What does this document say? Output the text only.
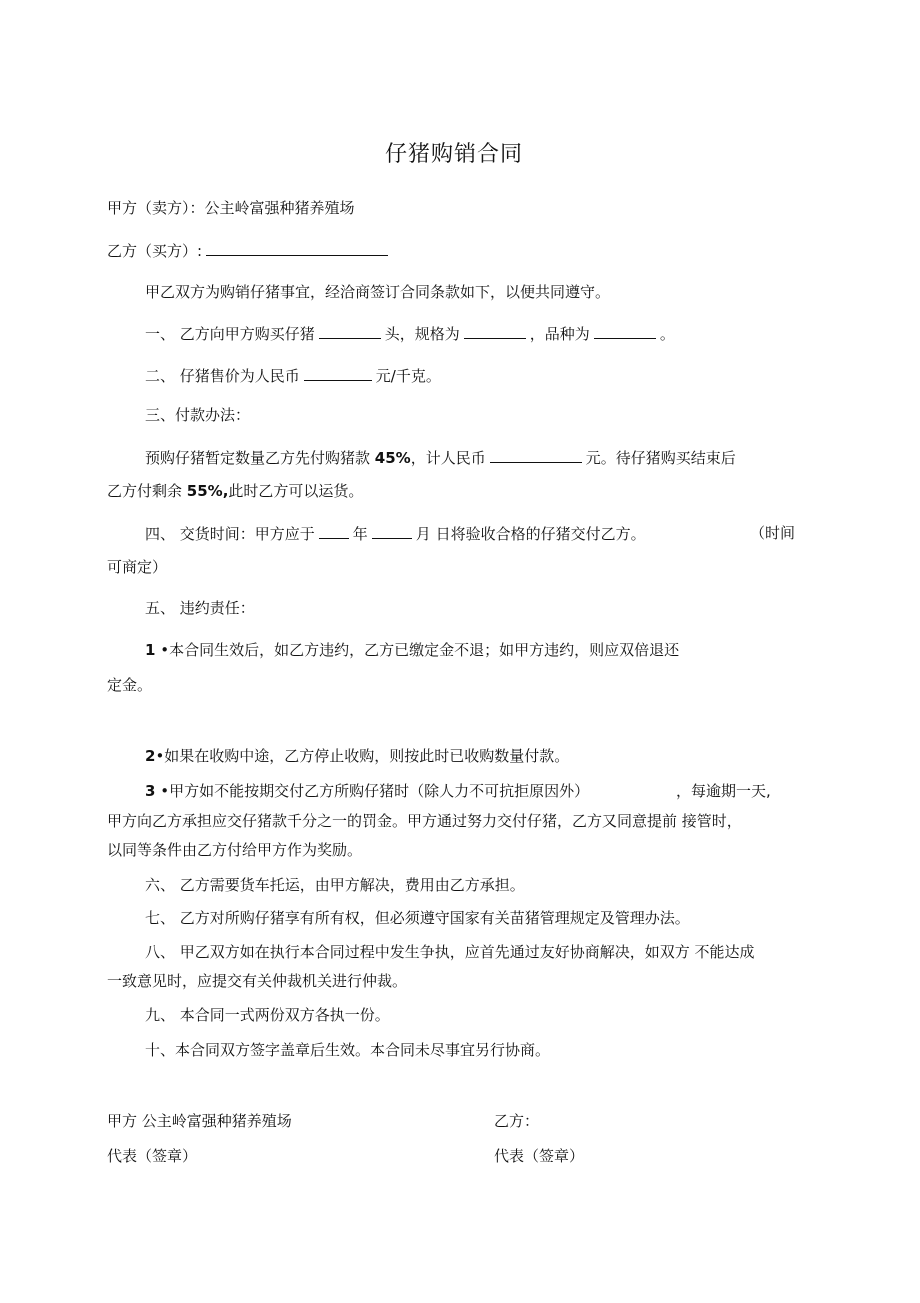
仔猪购销合同
甲方（卖方）：公主岭富强种猪养殖场
乙方（买方）:
甲乙双方为购销仔猪事宜，经洽商签订合同条款如下，以便共同遵守。
一、 乙方向甲方购买仔猪	头，规格为	，品种为	。
二、 仔猪售价为人民币	元/千克。
三、付款办法：
预购仔猪暂定数量乙方先付购猪款 45%，计人民币	元。待仔猪购买结束后
乙方付剩余 55%,此时乙方可以运货。
四、 交货时间：甲方应于	年	月 日将验收合格的仔猪交付乙方。	（时间
可商定）
五、 违约责任：
1 •本合同生效后，如乙方违约，乙方已缴定金不退；如甲方违约，则应双倍退还
定金。
2•如果在收购中途，乙方停止收购，则按此时已收购数量付款。
3 •甲方如不能按期交付乙方所购仔猪时（除人力不可抗拒原因外）	，每逾期一天,
甲方向乙方承担应交仔猪款千分之一的罚金。甲方通过努力交付仔猪，乙方又同意提前 接管时，
以同等条件由乙方付给甲方作为奖励。
六、 乙方需要货车托运，由甲方解决，费用由乙方承担。
七、 乙方对所购仔猪享有所有权，但必须遵守国家有关苗猪管理规定及管理办法。
八、 甲乙双方如在执行本合同过程中发生争执，应首先通过友好协商解决，如双方 不能达成
一致意见时，应提交有关仲裁机关进行仲裁。
九、 本合同一式两份双方各执一份。
十、本合同双方签字盖章后生效。本合同未尽事宜另行协商。
甲方 公主岭富强种猪养殖场	乙方：
代表（签章）	代表（签章）
